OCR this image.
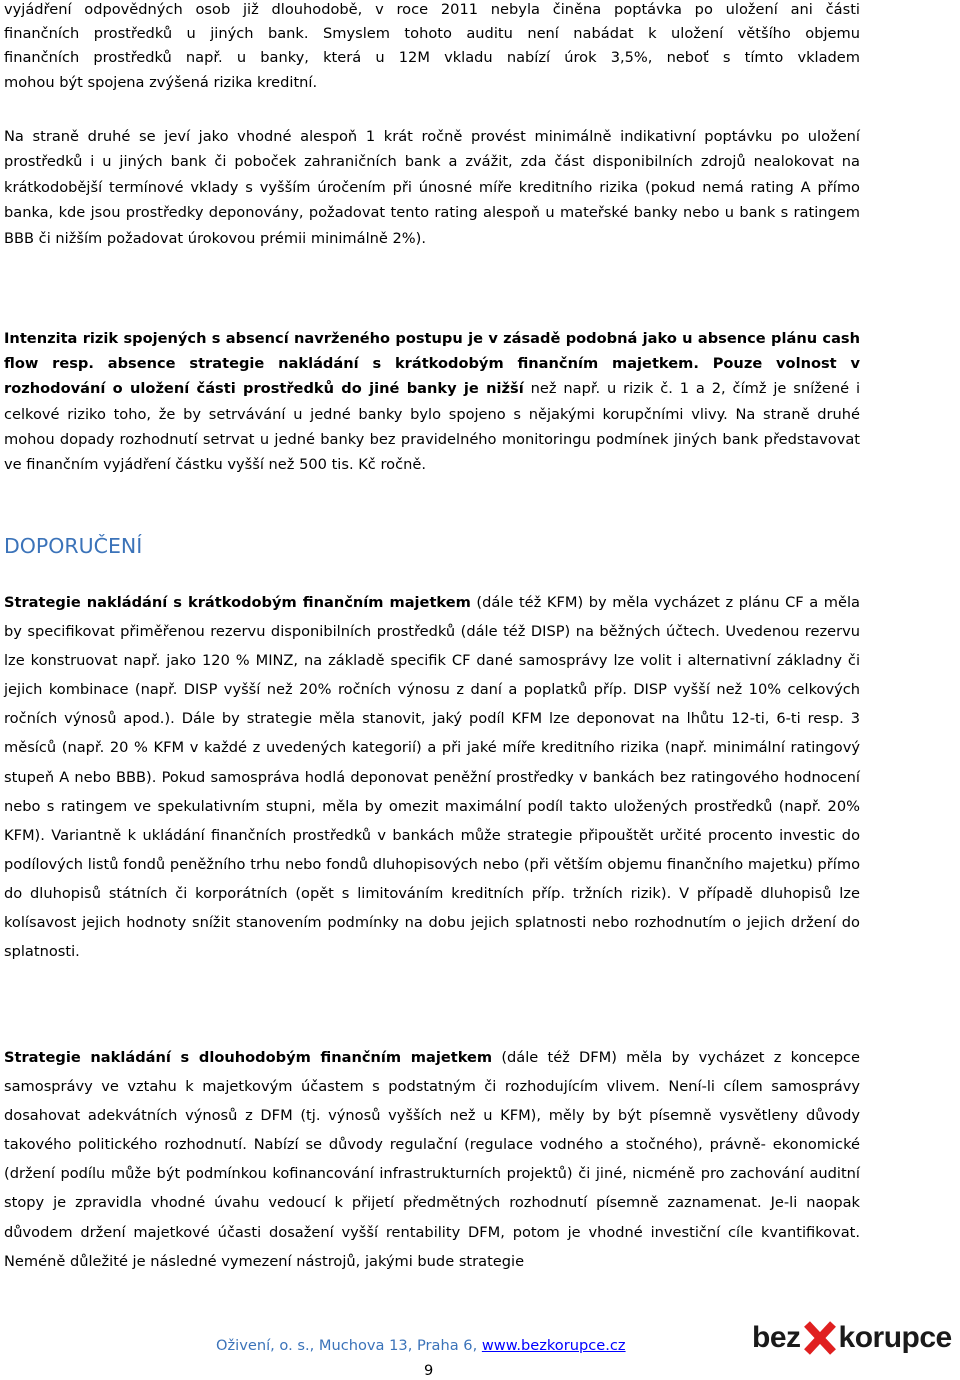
vyjádření odpovědných osob již dlouhodobě, v roce 2011 nebyla činěna poptávka po uložení ani části
finančních prostředků u jiných bank. Smyslem tohoto auditu není nabádat k uložení většího objemu
finančních prostředků např. u banky, která u 12M vkladu nabízí úrok 3,5%, neboť s tímto vkladem
mohou být spojena zvýšená rizika kreditní.

Na straně druhé se jeví jako vhodné alespoň 1 krát ročně provést minimálně indikativní poptávku po uložení prostředků i u jiných bank či poboček zahraničních bank a zvážit, zda část disponibilních zdrojů nealokovat na krátkodobější termínové vklady s vyšším úročením při únosné míře kreditního rizika (pokud nemá rating A přímo banka, kde jsou prostředky deponovány, požadovat tento rating alespoň u mateřské banky nebo u bank s ratingem BBB či nižším požadovat úrokovou prémii minimálně 2%).

Intenzita rizik spojených s absencí navrženého postupu je v zásadě podobná jako u absence plánu cash flow resp. absence strategie nakládání s krátkodobým finančním majetkem. Pouze volnost v rozhodování o uložení části prostředků do jiné banky je nižší než např. u rizik č. 1 a 2, čímž je snížené i celkové riziko toho, že by setrvávání u jedné banky bylo spojeno s nějakými korupčními vlivy. Na straně druhé mohou dopady rozhodnutí setrvat u jedné banky bez pravidelného monitoringu podmínek jiných bank představovat ve finančním vyjádření částku vyšší než 500 tis. Kč ročně.

DOPORUČENÍ

Strategie nakládání s krátkodobým finančním majetkem (dále též KFM) by měla vycházet z plánu CF a měla by specifikovat přiměřenou rezervu disponibilních prostředků (dále též DISP) na běžných účtech. Uvedenou rezervu lze konstruovat např. jako 120 % MINZ, na základě specifik CF dané samosprávy lze volit i alternativní základny či jejich kombinace (např. DISP vyšší než 20% ročních výnosu z daní a poplatků příp. DISP vyšší než 10% celkových ročních výnosů apod.). Dále by strategie měla stanovit, jaký podíl KFM lze deponovat na lhůtu 12-ti, 6-ti resp. 3 měsíců (např. 20 % KFM v každé z uvedených kategorií) a při jaké míře kreditního rizika (např. minimální ratingový stupeň A nebo BBB). Pokud samospráva hodlá deponovat peněžní prostředky v bankách bez ratingového hodnocení nebo s ratingem ve spekulativním stupni, měla by omezit maximální podíl takto uložených prostředků (např. 20% KFM). Variantně k ukládání finančních prostředků v bankách může strategie připouštět určité procento investic do podílových listů fondů peněžního trhu nebo fondů dluhopisových nebo (při větším objemu finančního majetku) přímo do dluhopisů státních či korporátních (opět s limitováním kreditních příp. tržních rizik). V případě dluhopisů lze kolísavost jejich hodnoty snížit stanovením podmínky na dobu jejich splatnosti nebo rozhodnutím o jejich držení do splatnosti.

Strategie nakládání s dlouhodobým finančním majetkem (dále též DFM) měla by vycházet z koncepce samosprávy ve vztahu k majetkovým účastem s podstatným či rozhodujícím vlivem. Není-li cílem samosprávy dosahovat adekvátních výnosů z DFM (tj. výnosů vyšších než u KFM), měly by být písemně vysvětleny důvody takového politického rozhodnutí. Nabízí se důvody regulační (regulace vodného a stočného), právně- ekonomické (držení podílu může být podmínkou kofinancování infrastrukturních projektů) či jiné, nicméně pro zachování auditní stopy je zpravidla vhodné úvahu vedoucí k přijetí předmětných rozhodnutí písemně zaznamenat. Je-li naopak důvodem držení majetkové účasti dosažení vyšší rentability DFM, potom je vhodné investiční cíle kvantifikovat. Neméně důležité je následné vymezení nástrojů, jakými bude strategie

Oživení, o. s., Muchova 13, Praha 6, www.bezkorupce.cz
9
bez korupce
